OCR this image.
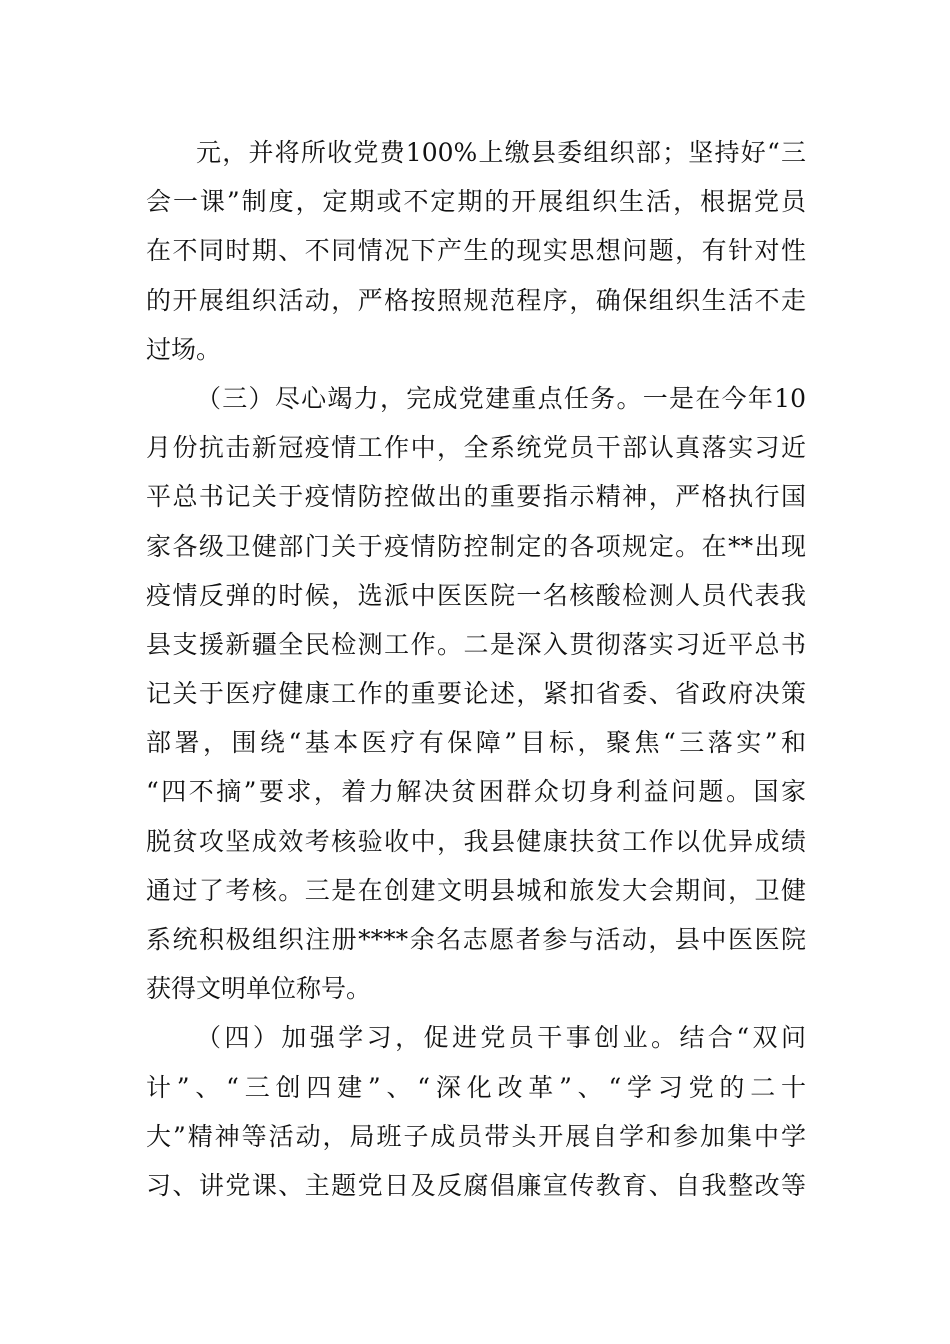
元，并将所收党费100%上缴县委组织部；坚持好“三
会一课”制度，定期或不定期的开展组织生活，根据党员
在不同时期、不同情况下产生的现实思想问题，有针对性
的开展组织活动，严格按照规范程序，确保组织生活不走
过场。
（三）尽心竭力，完成党建重点任务。一是在今年10
月份抗击新冠疫情工作中，全系统党员干部认真落实习近
平总书记关于疫情防控做出的重要指示精神，严格执行国
家各级卫健部门关于疫情防控制定的各项规定。在**出现
疫情反弹的时候，选派中医医院一名核酸检测人员代表我
县支援新疆全民检测工作。二是深入贯彻落实习近平总书
记关于医疗健康工作的重要论述，紧扣省委、省政府决策
部署，围绕“基本医疗有保障”目标，聚焦“三落实”和
“四不摘”要求，着力解决贫困群众切身利益问题。国家
脱贫攻坚成效考核验收中，我县健康扶贫工作以优异成绩
通过了考核。三是在创建文明县城和旅发大会期间，卫健
系统积极组织注册****余名志愿者参与活动，县中医医院
获得文明单位称号。
（四）加强学习，促进党员干事创业。结合“双问
计”、“三创四建”、“深化改革”、“学习党的二十
大”精神等活动，局班子成员带头开展自学和参加集中学
习、讲党课、主题党日及反腐倡廉宣传教育、自我整改等
